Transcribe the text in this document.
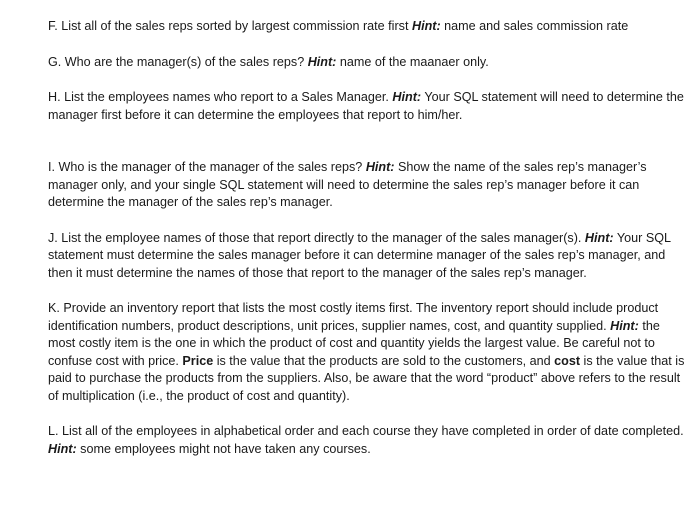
F. List all of the sales reps sorted by largest commission rate first Hint: name and sales commission rate

G. Who are the manager(s) of the sales reps? Hint: name of the maanaer only.

H. List the employees names who report to a Sales Manager. Hint: Your SQL statement will need to determine the manager first before it can determine the employees that report to him/her.

I. Who is the manager of the manager of the sales reps? Hint: Show the name of the sales rep’s manager’s manager only, and your single SQL statement will need to determine the sales rep’s manager before it can determine the manager of the sales rep’s manager.

J. List the employee names of those that report directly to the manager of the sales manager(s). Hint: Your SQL statement must determine the sales manager before it can determine manager of the sales rep’s manager, and then it must determine the names of those that report to the manager of the sales rep’s manager.

K. Provide an inventory report that lists the most costly items first. The inventory report should include product identification numbers, product descriptions, unit prices, supplier names, cost, and quantity supplied. Hint: the most costly item is the one in which the product of cost and quantity yields the largest value. Be careful not to confuse cost with price. Price is the value that the products are sold to the customers, and cost is the value that is paid to purchase the products from the suppliers. Also, be aware that the word “product” above refers to the result of multiplication (i.e., the product of cost and quantity).

L. List all of the employees in alphabetical order and each course they have completed in order of date completed. Hint: some employees might not have taken any courses.
